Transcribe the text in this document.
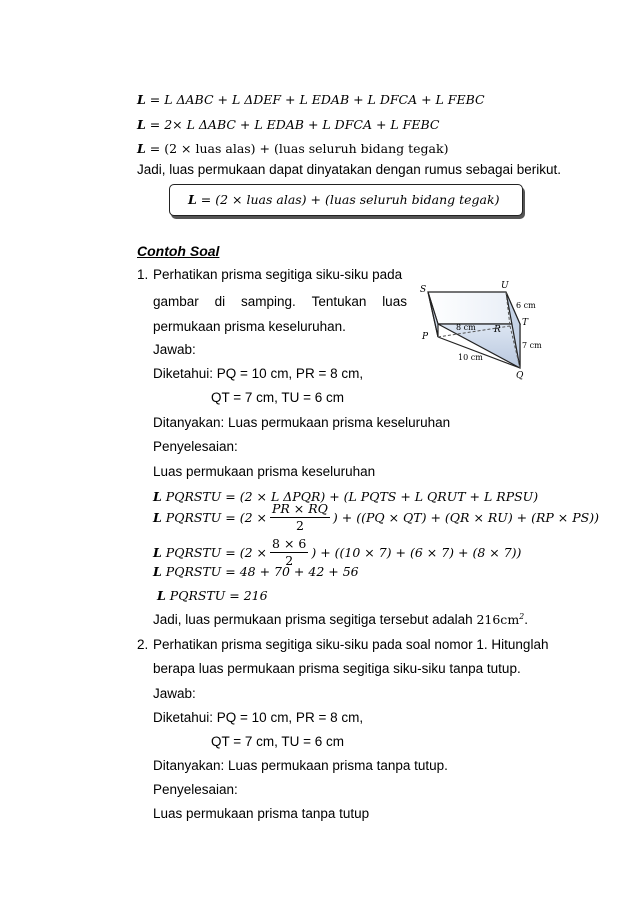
L = L ΔABC + L ΔDEF + L EDAB + L DFCA + L FEBC
L = 2× L ΔABC + L EDAB + L DFCA + L FEBC
L = (2 × luas alas) + (luas seluruh bidang tegak)
Jadi, luas permukaan dapat dinyatakan dengan rumus sebagai berikut.
L = (2 × luas alas) + (luas seluruh bidang tegak)
Contoh Soal
1. Perhatikan prisma segitiga siku-siku pada
gambar di samping. Tentukan luas
permukaan prisma keseluruhan.
Jawab:
Diketahui: PQ = 10 cm, PR = 8 cm,
QT = 7 cm, TU = 6 cm
Ditanyakan: Luas permukaan prisma keseluruhan
Penyelesaian:
Luas permukaan prisma keseluruhan
L PQRSTU = (2 × L ΔPQR) + (L PQTS + L QRUT + L RPSU)
L
PQRSTU
= ($2 \times \frac{PR \times RQ}{2}$ ) + ((PQ × QT) + (QR × RU) + (RP × PS))
L
PQRSTU
= ($2 \times \frac{8 \times 6}{2}$ ) + ((10 × 7) + (6 × 7) + (8 × 7))
L PQRSTU = 48 + 70 + 42 + 56
L PQRSTU = 216
Jadi, luas permukaan prisma segitiga tersebut adalah $216cm^2$.
S	U
6 cm
T
8 cm R
P
7 cm
10 cm
Q
2. Perhatikan prisma segitiga siku-siku pada soal nomor 1. Hitunglah
berapa luas permukaan prisma segitiga siku-siku tanpa tutup.
Jawab:
Diketahui: PQ = 10 cm, PR = 8 cm,
QT = 7 cm, TU = 6 cm
Ditanyakan: Luas permukaan prisma tanpa tutup.
Penyelesaian:
Luas permukaan prisma tanpa tutup
